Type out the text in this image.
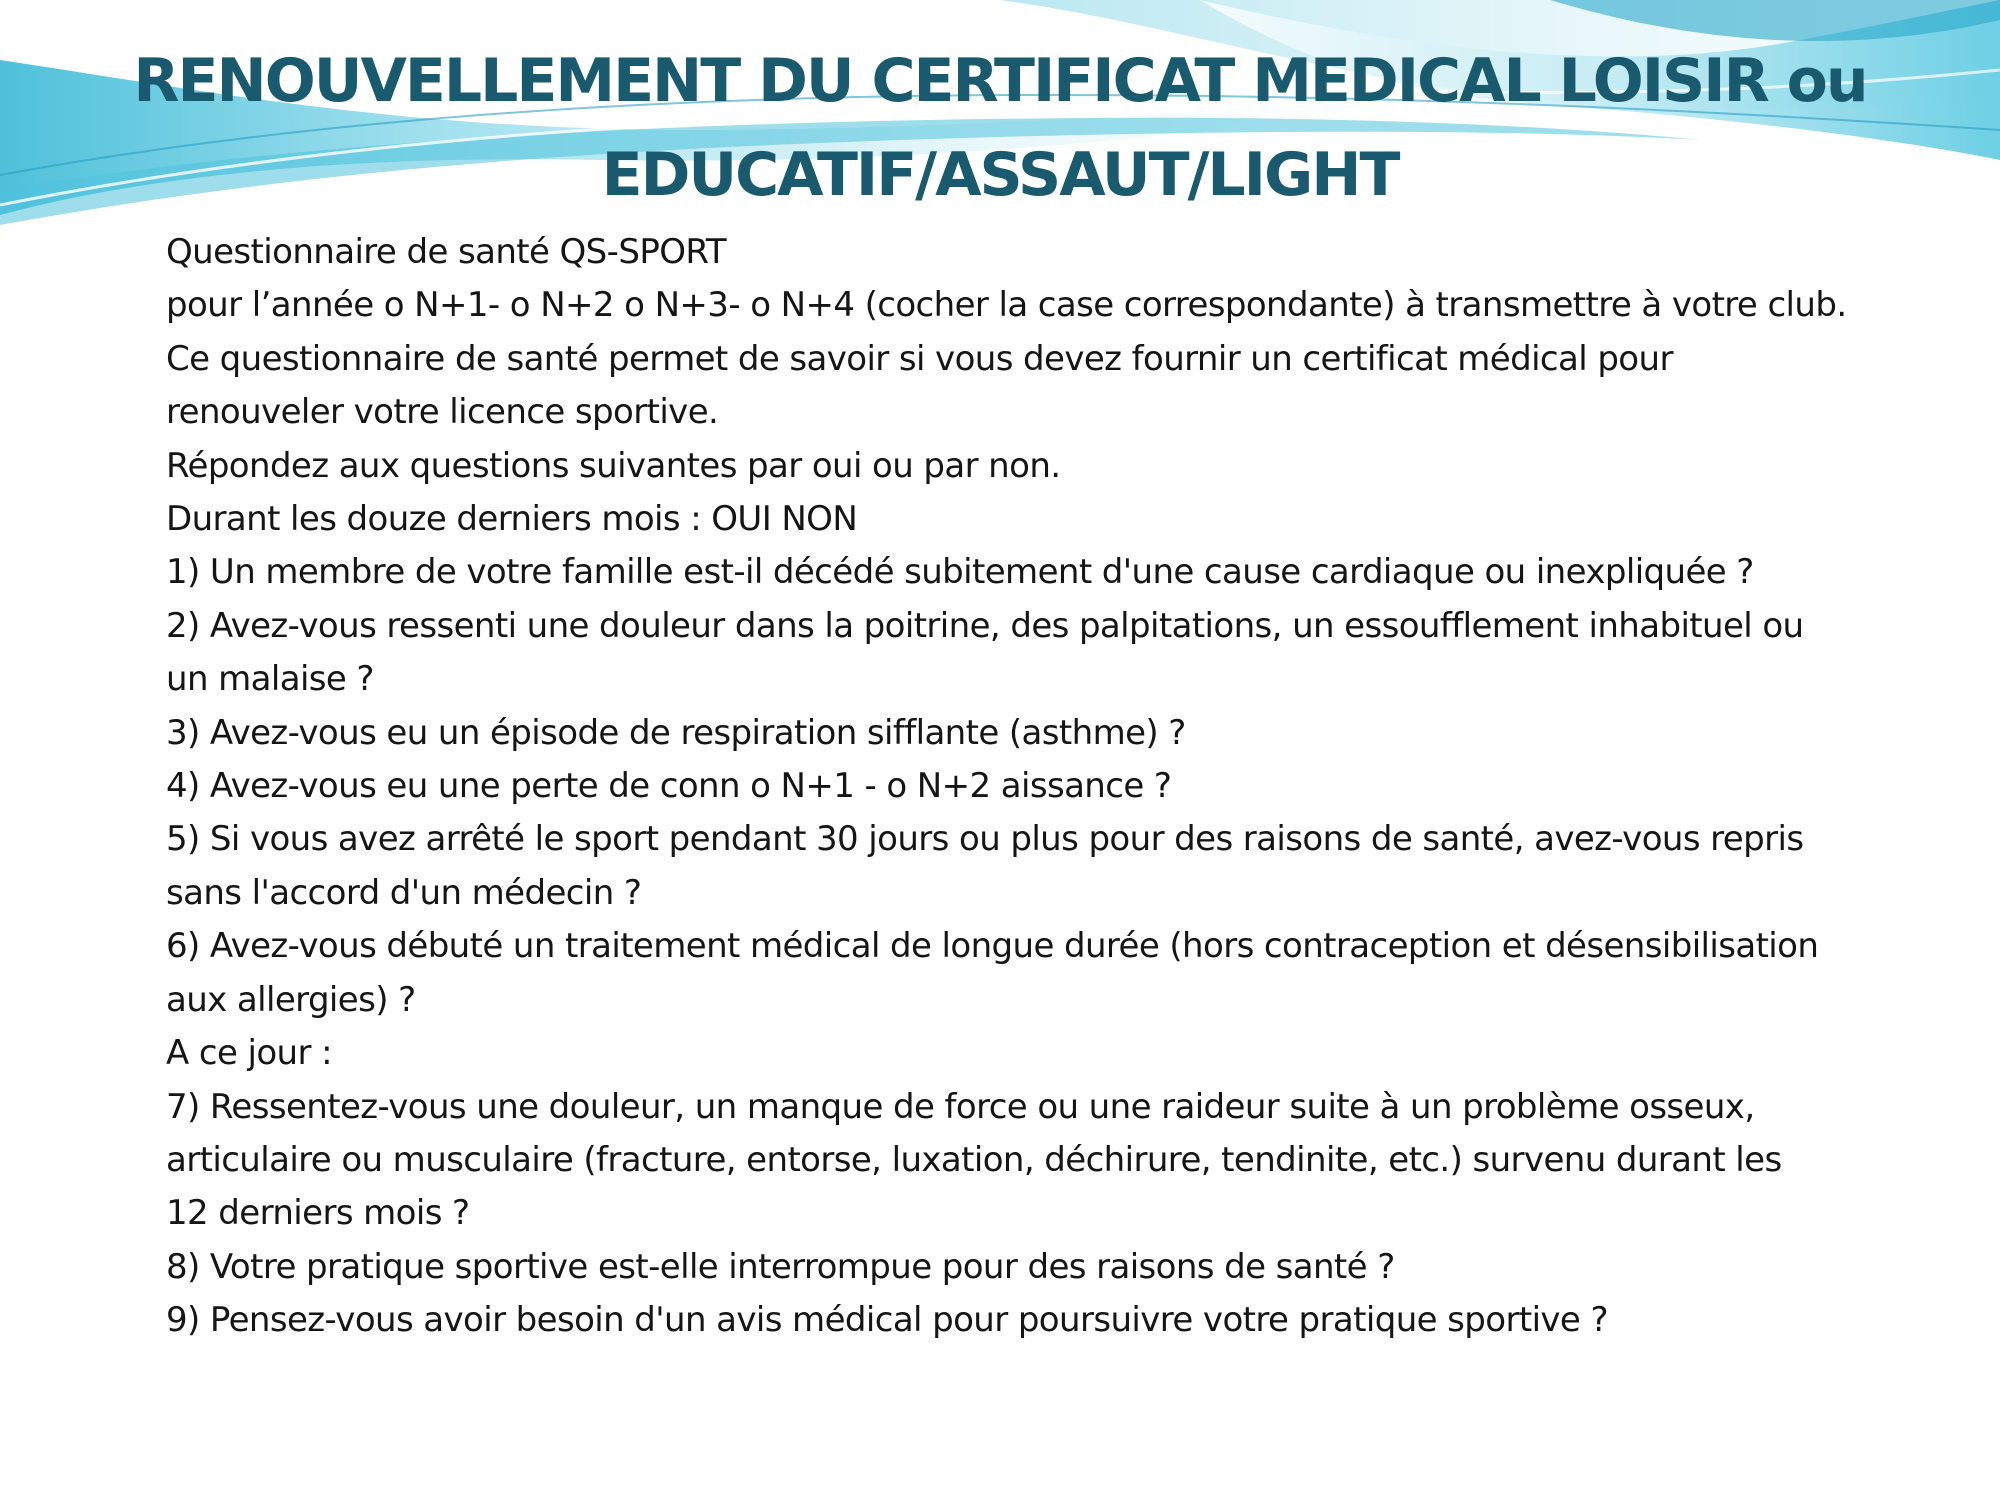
RENOUVELLEMENT DU CERTIFICAT MEDICAL LOISIR ou
EDUCATIF/ASSAUT/LIGHT

Questionnaire de santé QS-SPORT

pour l’année o N+1- o N+2 o N+3- o N+4 (cocher la case correspondante) à transmettre à votre club.

Ce questionnaire de santé permet de savoir si vous devez fournir un certificat médical pour

renouveler votre licence sportive.

Répondez aux questions suivantes par oui ou par non.

Durant les douze derniers mois : OUI NON

1) Un membre de votre famille est-il décédé subitement d'une cause cardiaque ou inexpliquée ?

2) Avez-vous ressenti une douleur dans la poitrine, des palpitations, un essoufflement inhabituel ou

un malaise ?

3) Avez-vous eu un épisode de respiration sifflante (asthme) ?

4) Avez-vous eu une perte de conn o N+1 - o N+2 aissance ?

5) Si vous avez arrêté le sport pendant 30 jours ou plus pour des raisons de santé, avez-vous repris

sans l'accord d'un médecin ?

6) Avez-vous débuté un traitement médical de longue durée (hors contraception et désensibilisation

aux allergies) ?

A ce jour :

7) Ressentez-vous une douleur, un manque de force ou une raideur suite à un problème osseux,

articulaire ou musculaire (fracture, entorse, luxation, déchirure, tendinite, etc.) survenu durant les

12 derniers mois ?

8) Votre pratique sportive est-elle interrompue pour des raisons de santé ?

9) Pensez-vous avoir besoin d'un avis médical pour poursuivre votre pratique sportive ?
